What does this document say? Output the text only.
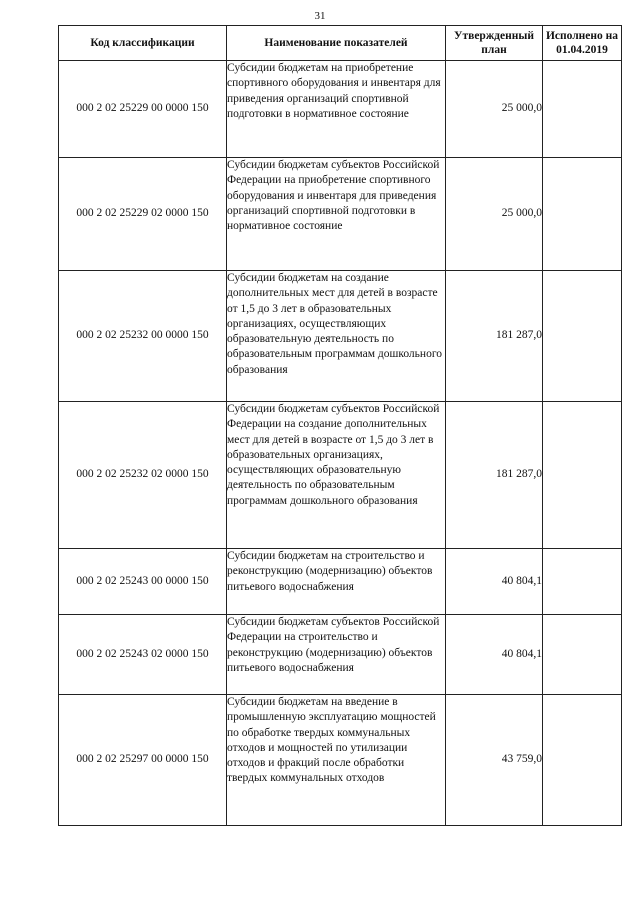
31
Код классификации	Наименование показателей	Утвержденный план	Исполнено на 01.04.2019
000 2 02 25229 00 0000 150	Субсидии бюджетам на приобретение спортивного оборудования и инвентаря для приведения организаций спортивной подготовки в нормативное состояние	25 000,0	
000 2 02 25229 02 0000 150	Субсидии бюджетам субъектов Российской Федерации на приобретение спортивного оборудования и инвентаря для приведения организаций спортивной подготовки в нормативное состояние	25 000,0	
000 2 02 25232 00 0000 150	Субсидии бюджетам на создание дополнительных мест для детей в возрасте от 1,5 до 3 лет в образовательных организациях, осуществляющих образовательную деятельность по образовательным программам дошкольного образования	181 287,0	
000 2 02 25232 02 0000 150	Субсидии бюджетам субъектов Российской Федерации на создание дополнительных мест для детей в возрасте от 1,5 до 3 лет в образовательных организациях, осуществляющих образовательную деятельность по образовательным программам дошкольного образования	181 287,0	
000 2 02 25243 00 0000 150	Субсидии бюджетам на строительство и реконструкцию (модернизацию) объектов питьевого водоснабжения	40 804,1	
000 2 02 25243 02 0000 150	Субсидии бюджетам субъектов Российской Федерации на строительство и реконструкцию (модернизацию) объектов питьевого водоснабжения	40 804,1	
000 2 02 25297 00 0000 150	Субсидии бюджетам на введение в промышленную эксплуатацию мощностей по обработке твердых коммунальных отходов и мощностей по утилизации отходов и фракций после обработки твердых коммунальных отходов	43 759,0	
